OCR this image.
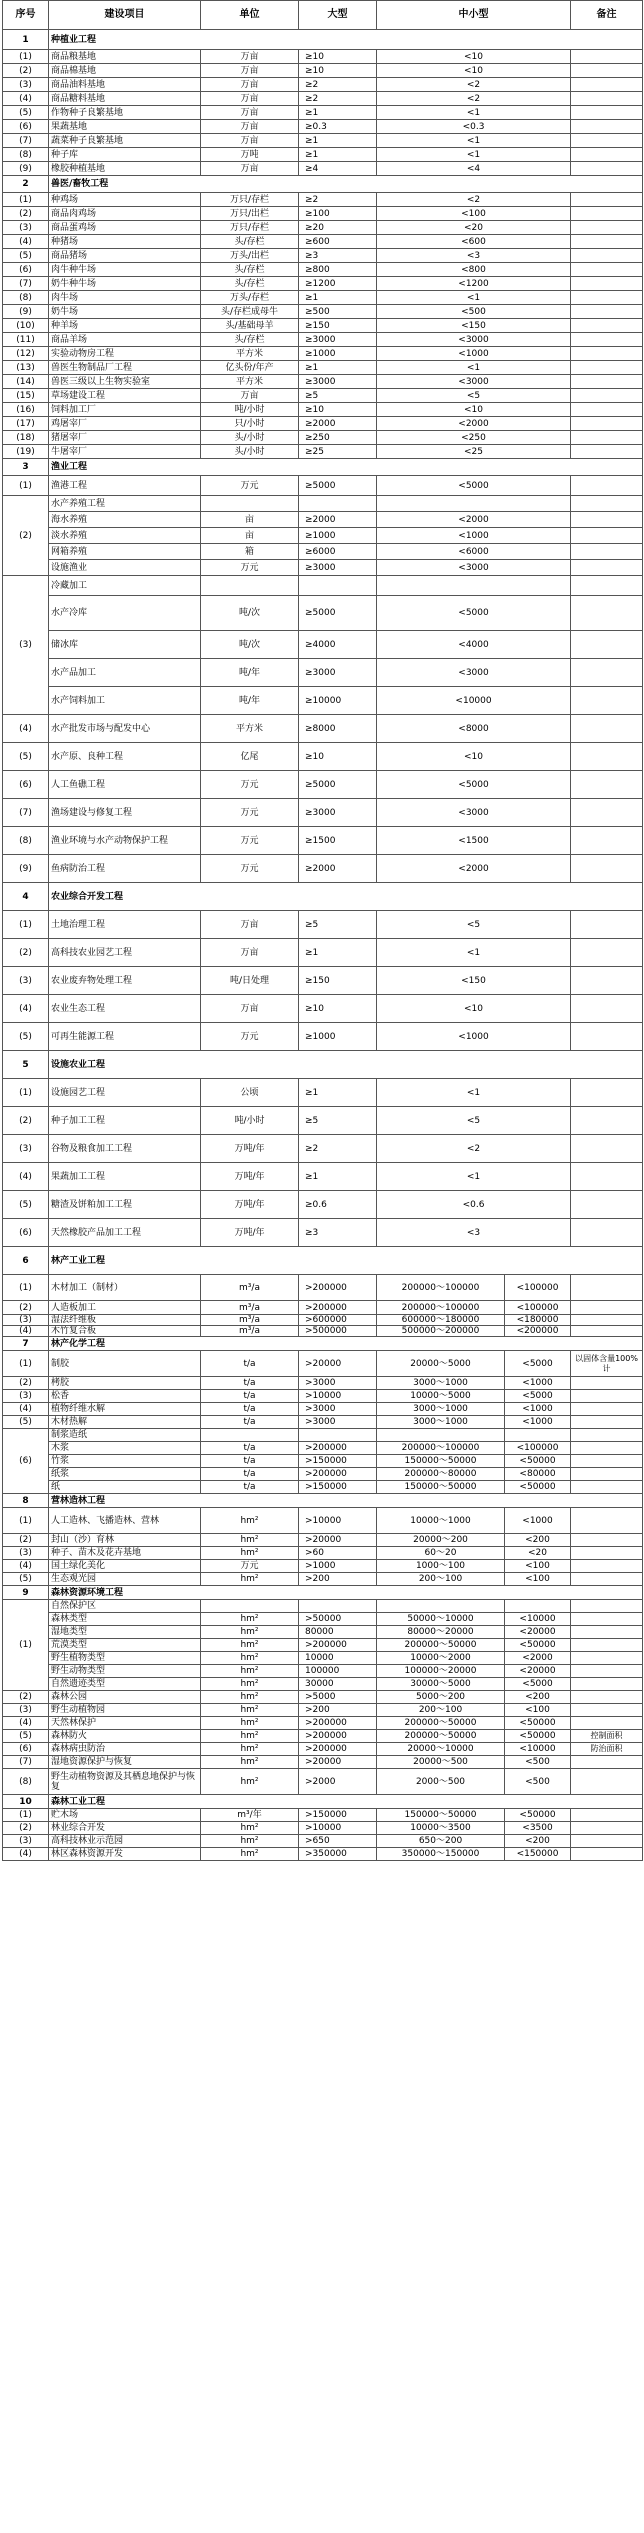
序号	建设项目	单位	大型	中小型		备注
1	种植业工程					
(1)	商品粮基地	万亩	≥10	<10		
(2)	商品棉基地	万亩	≥10	<10		
(3)	商品油料基地	万亩	≥2	<2		
(4)	商品糖料基地	万亩	≥2	<2		
(5)	作物种子良繁基地	万亩	≥1	<1		
(6)	果蔬基地	万亩	≥0.3	<0.3		
(7)	蔬菜种子良繁基地	万亩	≥1	<1		
(8)	种子库	万吨	≥1	<1		
(9)	橡胶种植基地	万亩	≥4	<4		
2	兽医/畜牧工程					
(1)	种鸡场	万只/存栏	≥2	<2		
(2)	商品肉鸡场	万只/出栏	≥100	<100		
(3)	商品蛋鸡场	万只/存栏	≥20	<20		
(4)	种猪场	头/存栏	≥600	<600		
(5)	商品猪场	万头/出栏	≥3	<3		
(6)	肉牛种牛场	头/存栏	≥800	<800		
(7)	奶牛种牛场	头/存栏	≥1200	<1200		
(8)	肉牛场	万头/存栏	≥1	<1		
(9)	奶牛场	头/存栏成母牛	≥500	<500		
(10)	种羊场	头/基础母羊	≥150	<150		
(11)	商品羊场	头/存栏	≥3000	<3000		
(12)	实验动物房工程	平方米	≥1000	<1000		
(13)	兽医生物制品厂工程	亿头份/年产	≥1	<1		
(14)	兽医三级以上生物实验室	平方米	≥3000	<3000		
(15)	草场建设工程	万亩	≥5	<5		
(16)	饲料加工厂	吨/小时	≥10	<10		
(17)	鸡屠宰厂	只/小时	≥2000	<2000		
(18)	猪屠宰厂	头/小时	≥250	<250		
(19)	牛屠宰厂	头/小时	≥25	<25		
3	渔业工程					
(1)	渔港工程	万元	≥5000	<5000		
(2)	水产养殖工程					
	海水养殖	亩	≥2000	<2000		
	淡水养殖	亩	≥1000	<1000		
	网箱养殖	箱	≥6000	<6000		
	设施渔业	万元	≥3000	<3000		
(3)	冷藏加工					
	水产冷库	吨/次	≥5000	<5000		
	储冰库	吨/次	≥4000	<4000		
	水产品加工	吨/年	≥3000	<3000		
	水产饲料加工	吨/年	≥10000	<10000		
(4)	水产批发市场与配发中心	平方米	≥8000	<8000		
(5)	水产原、良种工程	亿尾	≥10	<10		
(6)	人工鱼礁工程	万元	≥5000	<5000		
(7)	渔场建设与修复工程	万元	≥3000	<3000		
(8)	渔业环境与水产动物保护工程	万元	≥1500	<1500		
(9)	鱼病防治工程	万元	≥2000	<2000		
4	农业综合开发工程					
(1)	土地治理工程	万亩	≥5	<5		
(2)	高科技农业园艺工程	万亩	≥1	<1		
(3)	农业废弃物处理工程	吨/日处理	≥150	<150		
(4)	农业生态工程	万亩	≥10	<10		
(5)	可再生能源工程	万元	≥1000	<1000		
5	设施农业工程					
(1)	设施园艺工程	公顷	≥1	<1		
(2)	种子加工工程	吨/小时	≥5	<5		
(3)	谷物及粮食加工工程	万吨/年	≥2	<2		
(4)	果蔬加工工程	万吨/年	≥1	<1		
(5)	糖渣及饼粕加工工程	万吨/年	≥0.6	<0.6		
(6)	天然橡胶产品加工工程	万吨/年	≥3	<3		
6	林产工业工程					
(1)	木材加工（制材）	m³/a	>200000	200000～100000	<100000	
(2)	人造板加工	m³/a	>200000	200000～100000	<100000	
(3)	湿法纤维板	m³/a	>600000	600000～180000	<180000	
(4)	木竹复合板	m³/a	>500000	500000～200000	<200000	
7	林产化学工程					
(1)	制胶	t/a	>20000	20000～5000	<5000	以固体含量100%计
(2)	栲胶	t/a	>3000	3000～1000	<1000	
(3)	松香	t/a	>10000	10000～5000	<5000	
(4)	植物纤维水解	t/a	>3000	3000～1000	<1000	
(5)	木材热解	t/a	>3000	3000～1000	<1000	
(6)	制浆造纸					
	木浆	t/a	>200000	200000～100000	<100000	
	竹浆	t/a	>150000	150000～50000	<50000	
	纸浆	t/a	>200000	200000～80000	<80000	
	纸	t/a	>150000	150000～50000	<50000	
8	营林造林工程					
(1)	人工造林、飞播造林、营林	hm²	>10000	10000～1000	<1000	
(2)	封山（沙）育林	hm²	>20000	20000～200	<200	
(3)	种子、苗木及花卉基地	hm²	>60	60～20	<20	
(4)	国土绿化美化	万元	>1000	1000～100	<100	
(5)	生态观光园	hm²	>200	200～100	<100	
9	森林资源环境工程					
(1)	自然保护区					
	森林类型	hm²	>50000	50000～10000	<10000	
	湿地类型	hm²	80000	80000～20000	<20000	
	荒漠类型	hm²	>200000	200000～50000	<50000	
	野生植物类型	hm²	10000	10000～2000	<2000	
	野生动物类型	hm²	100000	100000～20000	<20000	
	自然遗迹类型	hm²	30000	30000～5000	<5000	
(2)	森林公园	hm²	>5000	5000～200	<200	
(3)	野生动植物园	hm²	>200	200～100	<100	
(4)	天然林保护	hm²	>200000	200000～50000	<50000	
(5)	森林防火	hm²	>200000	200000～50000	<50000	控制面积
(6)	森林病虫防治	hm²	>200000	20000～10000	<10000	防治面积
(7)	湿地资源保护与恢复	hm²	>20000	20000～500	<500	
(8)	野生动植物资源及其栖息地保护与恢复	hm²	>2000	2000～500	<500	
10	森林工业工程					
(1)	贮木场	m³/年	>150000	150000～50000	<50000	
(2)	林业综合开发	hm²	>10000	10000～3500	<3500	
(3)	高科技林业示范园	hm²	>650	650～200	<200	
(4)	林区森林资源开发	hm²	>350000	350000～150000	<150000	
